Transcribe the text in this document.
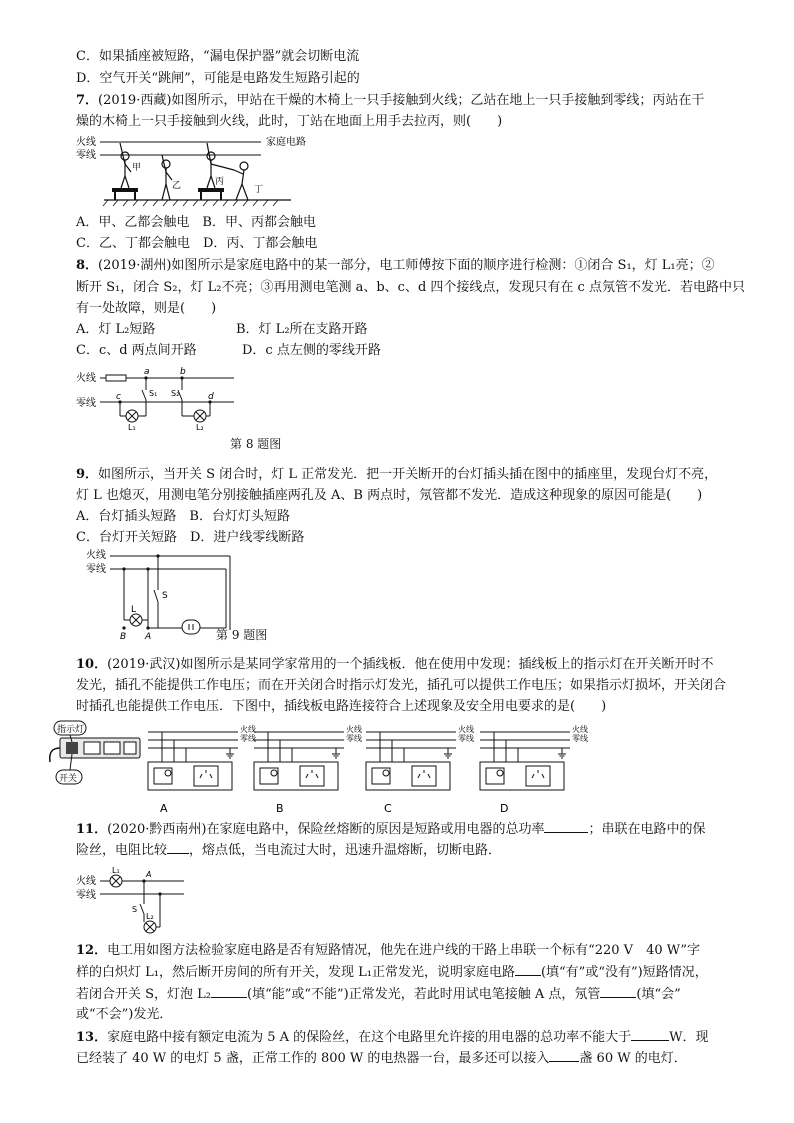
C．如果插座被短路，“漏电保护器”就会切断电流
D．空气开关“跳闸”，可能是电路发生短路引起的
7．(2019·西藏)如图所示，甲站在干燥的木椅上一只手接触到火线；乙站在地上一只手接触到零线；丙站在干
燥的木椅上一只手接触到火线，此时，丁站在地面上用手去拉丙，则(　　)
火线
零线
家庭电路
甲
乙	丙
丁
A．甲、乙都会触电　B．甲、丙都会触电
C．乙、丁都会触电　D．丙、丁都会触电
8．(2019·湖州)如图所示是家庭电路中的某一部分，电工师傅按下面的顺序进行检测：①闭合 S₁，灯 L₁亮；②
断开 S₁，闭合 S₂，灯 L₂不亮；③再用测电笔测 a、b、c、d 四个接线点，发现只有在 c 点氖管不发光．若电路中只
有一处故障，则是(　　)
A．灯 L₂短路	B．灯 L₂所在支路开路
C．c、d 两点间开路	D．c 点左侧的零线开路
火线
零线
a	b
c	d
S₁ S₂
L₁	L₂
第 8 题图
9．如图所示，当开关 S 闭合时，灯 L 正常发光．把一开关断开的台灯插头插在图中的插座里，发现台灯不亮，
灯 L 也熄灭，用测电笔分别接触插座两孔及 A、B 两点时，氖管都不发光．造成这种现象的原因可能是(　　)
A．台灯插头短路　B．台灯灯头短路
C．台灯开关短路　D．进户线零线断路
火线
零线
S
L
B A	第 9 题图
10．(2019·武汉)如图所示是某同学家常用的一个插线板．他在使用中发现：插线板上的指示灯在开关断开时不
发光，插孔不能提供工作电压；而在开关闭合时指示灯发光，插孔可以提供工作电压；如果指示灯损坏，开关闭合
时插孔也能提供工作电压．下图中，插线板电路连接符合上述现象及安全用电要求的是(　　)
指示灯
开关
火线
零线
火线
零线
火线
零线
火线
零线
A	B	C	D
11．(2020·黔西南州)在家庭电路中，保险丝熔断的原因是短路或用电器的总功率	；串联在电路中的保
险丝，电阻比较 ，熔点低，当电流过大时，迅速升温熔断，切断电路．
火线
零线
L₁	A
S
L₂
12．电工用如图方法检验家庭电路是否有短路情况，他先在进户线的干路上串联一个标有“220 V　40 W”字
样的白炽灯 L₁，然后断开房间的所有开关，发现 L₁正常发光，说明家庭电路 (填“有”或“没有”)短路情况，
若闭合开关 S，灯泡 L₂	(填“能”或“不能”)正常发光，若此时用试电笔接触 A 点，氖管	(填“会”
或“不会”)发光．
13．家庭电路中接有额定电流为 5 A 的保险丝，在这个电路里允许接的用电器的总功率不能大于	W．现
已经装了 40 W 的电灯 5 盏，正常工作的 800 W 的电热器一台，最多还可以接入 盏 60 W 的电灯．
